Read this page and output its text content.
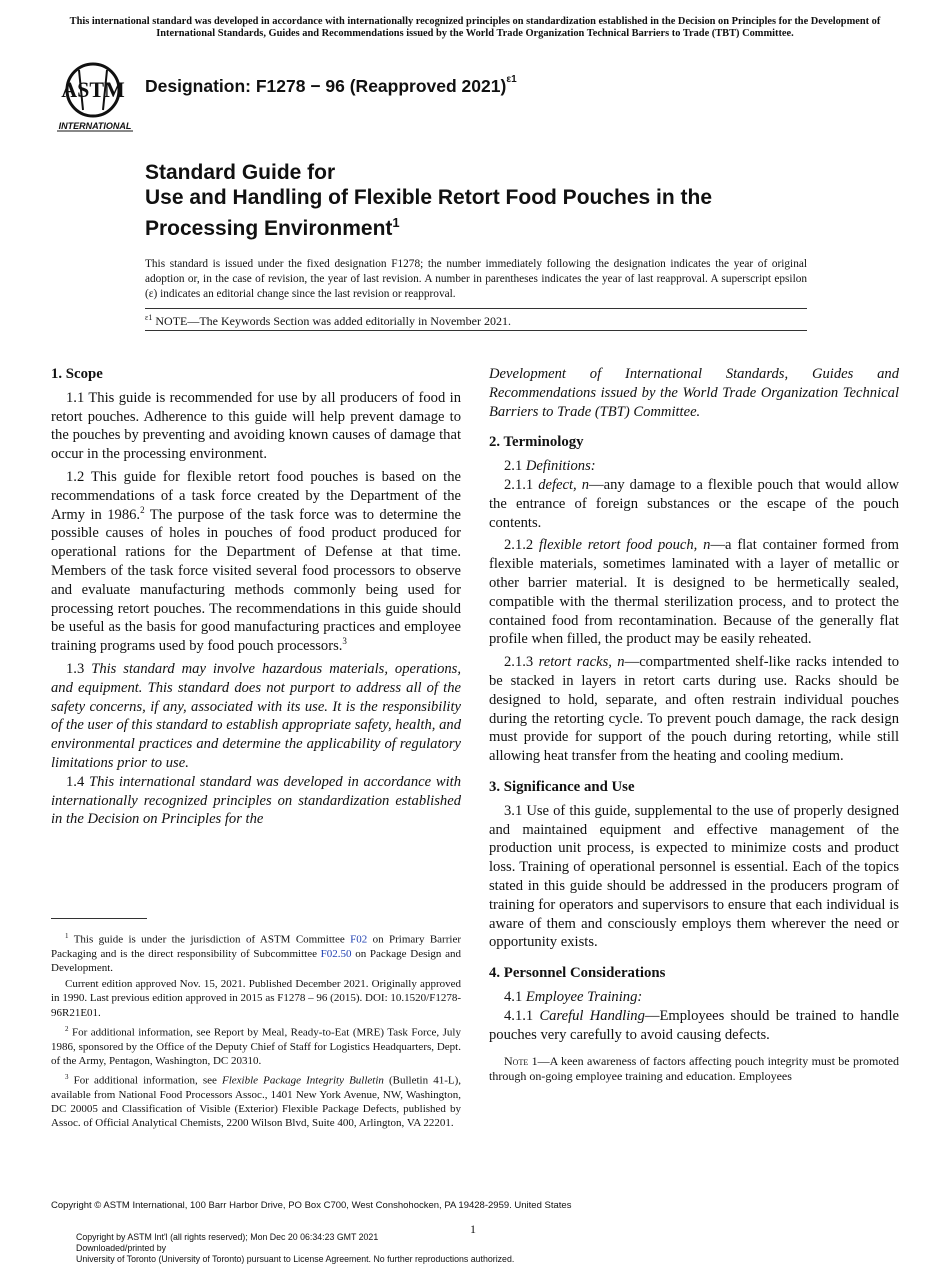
This international standard was developed in accordance with internationally recognized principles on standardization established in the Decision on Principles for the Development of International Standards, Guides and Recommendations issued by the World Trade Organization Technical Barriers to Trade (TBT) Committee.
ASTM
INTERNATIONAL
Designation: F1278 − 96 (Reapproved 2021)$^{\varepsilon 1}$
Standard Guide for
Use and Handling of Flexible Retort Food Pouches in the
Processing Environment$^1$
This standard is issued under the fixed designation F1278; the number immediately following the designation indicates the year of original adoption or, in the case of revision, the year of last revision. A number in parentheses indicates the year of last reapproval. A superscript epsilon (ε) indicates an editorial change since the last revision or reapproval.
$^{\varepsilon 1}$ NOTE—The Keywords Section was added editorially in November 2021.
1. Scope

1.1 This guide is recommended for use by all producers of food in retort pouches. Adherence to this guide will help prevent damage to the pouches by preventing and avoiding known causes of damage that occur in the processing environment.

1.2 This guide for flexible retort food pouches is based on the recommendations of a task force created by the Department of the Army in 1986.$^2$ The purpose of the task force was to determine the possible causes of holes in pouches of food product produced for operational rations for the Department of Defense at that time. Members of the task force visited several food processors to observe and evaluate manufacturing methods commonly being used for processing retort pouches. The recommendations in this guide should be useful as the basis for good manufacturing practices and employee training programs used by food pouch processors.$^3$

1.3 This standard may involve hazardous materials, operations, and equipment. This standard does not purport to address all of the safety concerns, if any, associated with its use. It is the responsibility of the user of this standard to establish appropriate safety, health, and environmental practices and determine the applicability of regulatory limitations prior to use.

1.4 This international standard was developed in accordance with internationally recognized principles on standardization established in the Decision on Principles for the

$^1$ This guide is under the jurisdiction of ASTM Committee F02 on Primary Barrier Packaging and is the direct responsibility of Subcommittee F02.50 on Package Design and Development.

Current edition approved Nov. 15, 2021. Published December 2021. Originally approved in 1990. Last previous edition approved in 2015 as F1278 – 96 (2015). DOI: 10.1520/F1278-96R21E01.

$^2$ For additional information, see Report by Meal, Ready-to-Eat (MRE) Task Force, July 1986, sponsored by the Office of the Deputy Chief of Staff for Logistics Headquarters, Dept. of the Army, Pentagon, Washington, DC 20310.

$^3$ For additional information, see Flexible Package Integrity Bulletin (Bulletin 41-L), available from National Food Processors Assoc., 1401 New York Avenue, NW, Washington, DC 20005 and Classification of Visible (Exterior) Flexible Package Defects, published by Assoc. of Official Analytical Chemists, 2200 Wilson Blvd, Suite 400, Arlington, VA 22201.

Development of International Standards, Guides and Recommendations issued by the World Trade Organization Technical Barriers to Trade (TBT) Committee.

2. Terminology

2.1 Definitions:

2.1.1 defect, n—any damage to a flexible pouch that would allow the entrance of foreign substances or the escape of the pouch contents.

2.1.2 flexible retort food pouch, n—a flat container formed from flexible materials, sometimes laminated with a layer of metallic or other barrier material. It is designed to be hermetically sealed, compatible with the thermal sterilization process, and to protect the contained food from recontamination. Because of the generally flat profile when filled, the product may be easily reheated.

2.1.3 retort racks, n—compartmented shelf-like racks intended to be stacked in layers in retort carts during use. Racks should be designed to hold, separate, and often restrain individual pouches during the retorting cycle. To prevent pouch damage, the rack design must provide for support of the pouch during retorting, while still allowing heat transfer from the heating and cooling medium.

3. Significance and Use

3.1 Use of this guide, supplemental to the use of properly designed and maintained equipment and effective management of the production unit process, is expected to minimize costs and product loss. Training of operational personnel is essential. Each of the topics stated in this guide should be addressed in the producers program of training for operators and supervisors to ensure that each individual is aware of them and consciously employs them wherever the need or opportunity exists.

4. Personnel Considerations

4.1 Employee Training:

4.1.1 Careful Handling—Employees should be trained to handle pouches very carefully to avoid causing defects.

Note 1—A keen awareness of factors affecting pouch integrity must be promoted through on-going employee training and education. Employees

Copyright © ASTM International, 100 Barr Harbor Drive, PO Box C700, West Conshohocken, PA 19428-2959. United States
1
Copyright by ASTM Int'l (all rights reserved); Mon Dec 20 06:34:23 GMT 2021
Downloaded/printed by
University of Toronto (University of Toronto) pursuant to License Agreement. No further reproductions authorized.
